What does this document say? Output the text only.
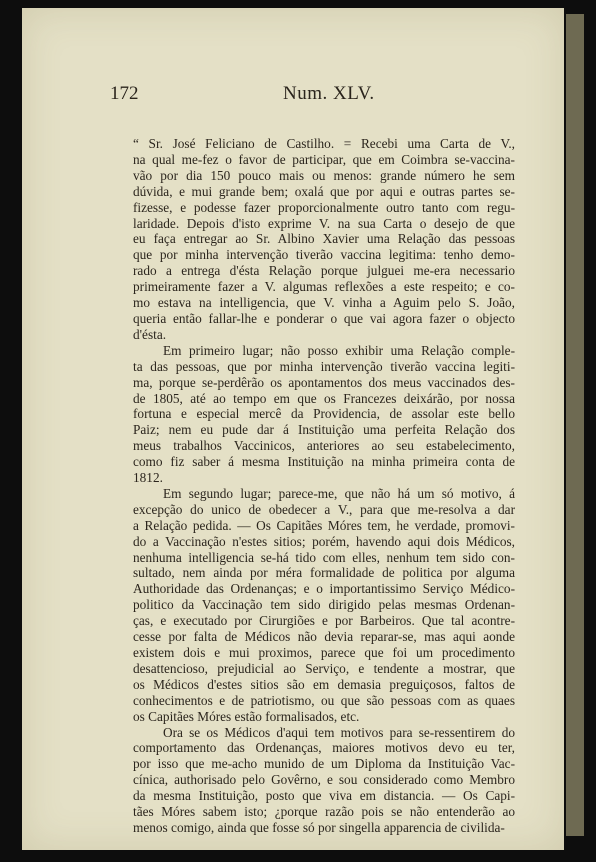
172	Num. XLV.
“ Sr. José Feliciano de Castilho. = Recebi uma Carta de V.,
na qual me-fez o favor de participar, que em Coimbra se-vaccina-
vão por dia 150 pouco mais ou menos: grande número he sem
dúvida, e mui grande bem; oxalá que por aqui e outras partes se-
fizesse, e podesse fazer proporcionalmente outro tanto com regu-
laridade. Depois d'isto exprime V. na sua Carta o desejo de que
eu faça entregar ao Sr. Albino Xavier uma Relação das pessoas
que por minha intervenção tiverão vaccina legitima: tenho demo-
rado a entrega d'ésta Relação porque julguei me-era necessario
primeiramente fazer a V. algumas reflexões a este respeito; e co-
mo estava na intelligencia, que V. vinha a Aguim pelo S. João,
queria então fallar-lhe e ponderar o que vai agora fazer o objecto
d'ésta.
Em primeiro lugar; não posso exhibir uma Relação comple-
ta das pessoas, que por minha intervenção tiverão vaccina legiti-
ma, porque se-perdêrão os apontamentos dos meus vaccinados des-
de 1805, até ao tempo em que os Francezes deixárão, por nossa
fortuna e especial mercê da Providencia, de assolar este bello
Paiz; nem eu pude dar á Instituição uma perfeita Relação dos
meus trabalhos Vaccinicos, anteriores ao seu estabelecimento,
como fiz saber á mesma Instituição na minha primeira conta de
1812.
Em segundo lugar; parece-me, que não há um só motivo, á
excepção do unico de obedecer a V., para que me-resolva a dar
a Relação pedida. — Os Capitães Móres tem, he verdade, promovi-
do a Vaccinação n'estes sitios; porém, havendo aqui dois Médicos,
nenhuma intelligencia se-há tido com elles, nenhum tem sido con-
sultado, nem ainda por méra formalidade de politica por alguma
Authoridade das Ordenanças; e o importantissimo Serviço Médico-
politico da Vaccinação tem sido dirigido pelas mesmas Ordenan-
ças, e executado por Cirurgiões e por Barbeiros. Que tal acontre-
cesse por falta de Médicos não devia reparar-se, mas aqui aonde
existem dois e mui proximos, parece que foi um procedimento
desattencioso, prejudicial ao Serviço, e tendente a mostrar, que
os Médicos d'estes sitios são em demasia preguiçosos, faltos de
conhecimentos e de patriotismo, ou que são pessoas com as quaes
os Capitães Móres estão formalisados, etc.
Ora se os Médicos d'aqui tem motivos para se-ressentirem do
comportamento das Ordenanças, maiores motivos devo eu ter,
por isso que me-acho munido de um Diploma da Instituição Vac-
cínica, authorisado pelo Govêrno, e sou considerado como Membro
da mesma Instituição, posto que viva em distancia. — Os Capi-
tães Móres sabem isto; ¿porque razão pois se não entenderão ao
menos comigo, ainda que fosse só por singella apparencia de civilida-
